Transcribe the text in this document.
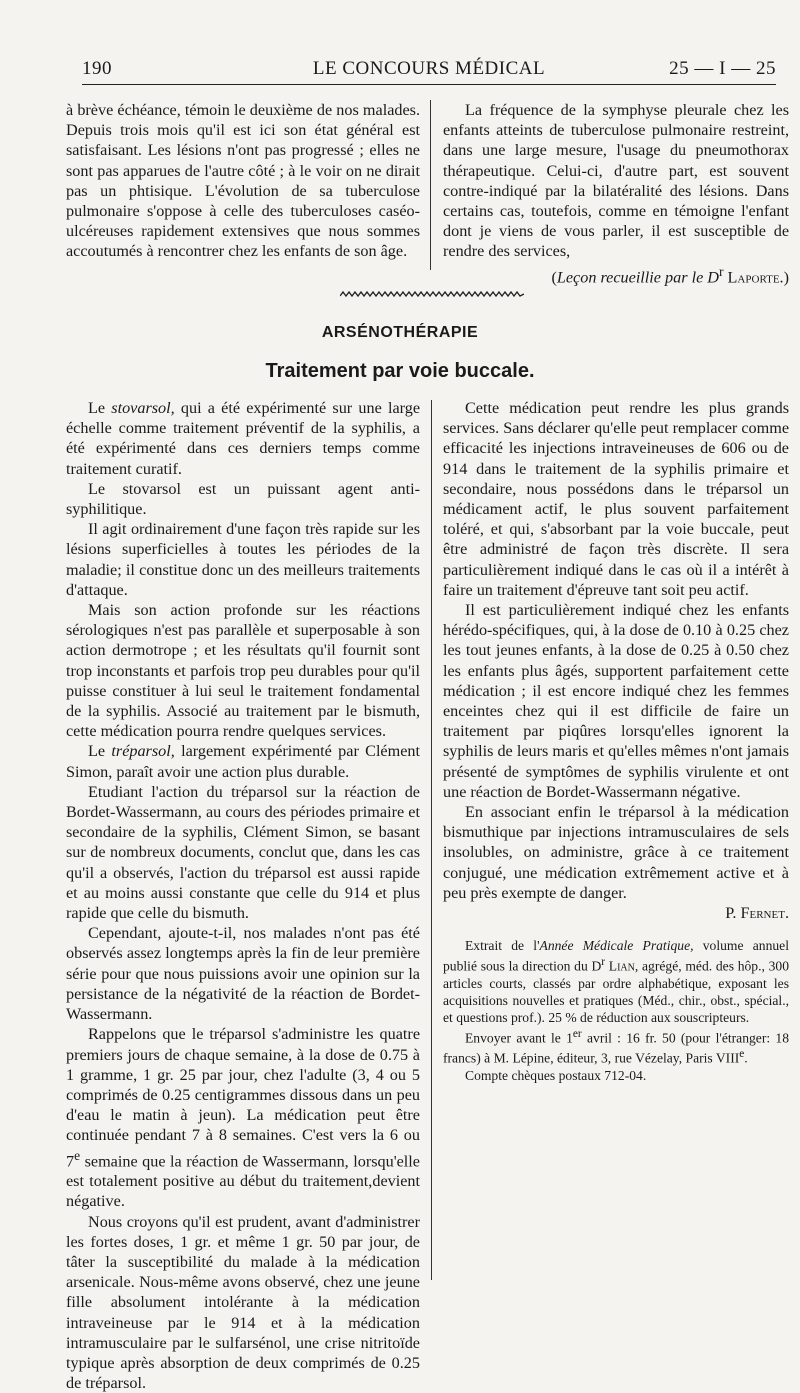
190	LE CONCOURS MÉDICAL	25 — I — 25

à brève échéance, témoin le deuxième de nos malades. Depuis trois mois qu'il est ici son état général est satisfaisant. Les lésions n'ont pas progressé ; elles ne sont pas apparues de l'autre côté ; à le voir on ne dirait pas un phtisique. L'évolution de sa tuberculose pulmonaire s'oppose à celle des tuberculoses caséo-ulcéreuses rapidement extensives que nous sommes accoutumés à rencontrer chez les enfants de son âge.

La fréquence de la symphyse pleurale chez les enfants atteints de tuberculose pulmonaire restreint, dans une large mesure, l'usage du pneumothorax thérapeutique. Celui-ci, d'autre part, est souvent contre-indiqué par la bilatéralité des lésions. Dans certains cas, toutefois, comme en témoigne l'enfant dont je viens de vous parler, il est susceptible de rendre des services,

(Leçon recueillie par le $D^r$ Laporte.)

ARSÉNOTHÉRAPIE
Traitement par voie buccale.

Le stovarsol, qui a été expérimenté sur une large échelle comme traitement préventif de la syphilis, a été expérimenté dans ces derniers temps comme traitement curatif.

Le stovarsol est un puissant agent anti-syphilitique.

Il agit ordinairement d'une façon très rapide sur les lésions superficielles à toutes les périodes de la maladie; il constitue donc un des meilleurs traitements d'attaque.

Mais son action profonde sur les réactions sérologiques n'est pas parallèle et superposable à son action dermotrope ; et les résultats qu'il fournit sont trop inconstants et parfois trop peu durables pour qu'il puisse constituer à lui seul le traitement fondamental de la syphilis. Associé au traitement par le bismuth, cette médication pourra rendre quelques services.

Le tréparsol, largement expérimenté par Clément Simon, paraît avoir une action plus durable.

Etudiant l'action du tréparsol sur la réaction de Bordet-Wassermann, au cours des périodes primaire et secondaire de la syphilis, Clément Simon, se basant sur de nombreux documents, conclut que, dans les cas qu'il a observés, l'action du tréparsol est aussi rapide et au moins aussi constante que celle du 914 et plus rapide que celle du bismuth.

Cependant, ajoute-t-il, nos malades n'ont pas été observés assez longtemps après la fin de leur première série pour que nous puissions avoir une opinion sur la persistance de la négativité de la réaction de Bordet-Wassermann.

Rappelons que le tréparsol s'administre les quatre premiers jours de chaque semaine, à la dose de 0.75 à 1 gramme, 1 gr. 25 par jour, chez l'adulte (3, 4 ou 5 comprimés de 0.25 centigrammes dissous dans un peu d'eau le matin à jeun). La médication peut être continuée pendant 7 à 8 semaines. C'est vers la 6 ou 7e semaine que la réaction de Wassermann, lorsqu'elle est totalement positive au début du traitement,devient négative.

Nous croyons qu'il est prudent, avant d'administrer les fortes doses, 1 gr. et même 1 gr. 50 par jour, de tâter la susceptibilité du malade à la médication arsenicale. Nous-même avons observé, chez une jeune fille absolument intolérante à la médication intraveineuse par le 914 et à la médication intramusculaire par le sulfarsénol, une crise nitritoïde typique après absorption de deux comprimés de 0.25 de tréparsol.

Cette médication peut rendre les plus grands services. Sans déclarer qu'elle peut remplacer comme efficacité les injections intraveineuses de 606 ou de 914 dans le traitement de la syphilis primaire et secondaire, nous possédons dans le tréparsol un médicament actif, le plus souvent parfaitement toléré, et qui, s'absorbant par la voie buccale, peut être administré de façon très discrète. Il sera particulièrement indiqué dans le cas où il a intérêt à faire un traitement d'épreuve tant soit peu actif.

Il est particulièrement indiqué chez les enfants hérédo-spécifiques, qui, à la dose de 0.10 à 0.25 chez les tout jeunes enfants, à la dose de 0.25 à 0.50 chez les enfants plus âgés, supportent parfaitement cette médication ; il est encore indiqué chez les femmes enceintes chez qui il est difficile de faire un traitement par piqûres lorsqu'elles ignorent la syphilis de leurs maris et qu'elles mêmes n'ont jamais présenté de symptômes de syphilis virulente et ont une réaction de Bordet-Wassermann négative.

En associant enfin le tréparsol à la médication bismuthique par injections intramusculaires de sels insolubles, on administre, grâce à ce traitement conjugué, une médication extrêmement active et à peu près exempte de danger.

P. Fernet.

Extrait de l'Année Médicale Pratique, volume annuel publié sous la direction du $D^r$ Lian, agrégé, méd. des hôp., 300 articles courts, classés par ordre alphabétique, exposant les acquisitions nouvelles et pratiques (Méd., chir., obst., spécial., et questions prof.). 25 % de réduction aux souscripteurs.

Envoyer avant le 1er avril : 16 fr. 50 (pour l'étranger: 18 francs) à M. Lépine, éditeur, 3, rue Vézelay, Paris VIIIe.

Compte chèques postaux 712-04.
